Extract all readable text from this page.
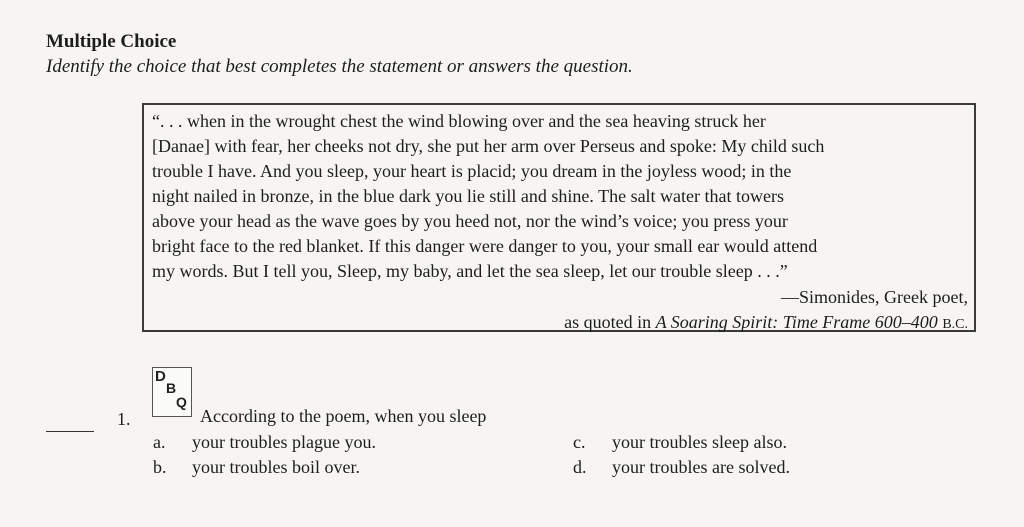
Multiple Choice
Identify the choice that best completes the statement or answers the question.

“. . . when in the wrought chest the wind blowing over and the sea heaving struck her
[Danae] with fear, her cheeks not dry, she put her arm over Perseus and spoke: My child such
trouble I have. And you sleep, your heart is placid; you dream in the joyless wood; in the
night nailed in bronze, in the blue dark you lie still and shine. The salt water that towers
above your head as the wave goes by you heed not, nor the wind’s voice; you press your
bright face to the red blanket. If this danger were danger to you, your small ear would attend
my words. But I tell you, Sleep, my baby, and let the sea sleep, let our trouble sleep . . .”

—Simonides, Greek poet,
as quoted in A Soaring Spirit: Time Frame 600–400 B.C.
1.
D
B
Q
According to the poem, when you sleep
a. your troubles plague you.
b. your troubles boil over.
c. your troubles sleep also.
d. your troubles are solved.
